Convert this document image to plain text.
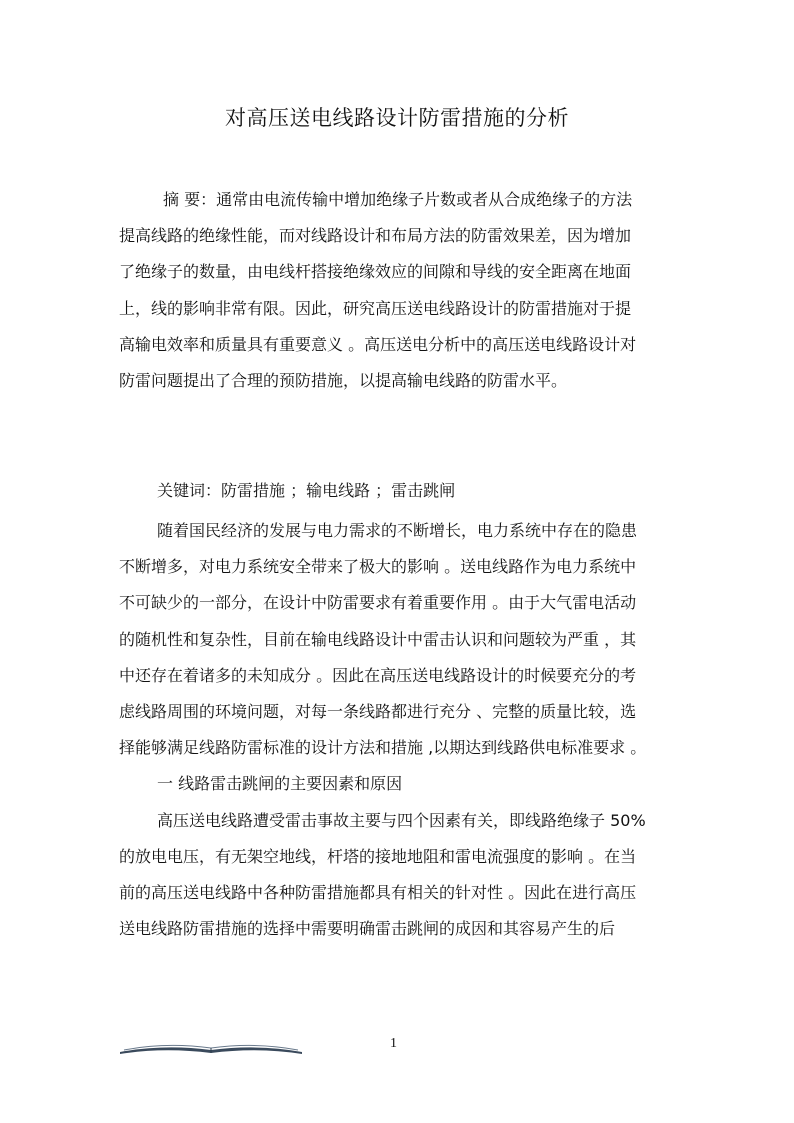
对高压送电线路设计防雷措施的分析
摘 要：通常由电流传输中增加绝缘子片数或者从合成绝缘子的方法
提高线路的绝缘性能，而对线路设计和布局方法的防雷效果差，因为增加
了绝缘子的数量，由电线杆搭接绝缘效应的间隙和导线的安全距离在地面
上，线的影响非常有限。因此，研究高压送电线路设计的防雷措施对于提
高输电效率和质量具有重要意义 。高压送电分析中的高压送电线路设计对
防雷问题提出了合理的预防措施，以提高输电线路的防雷水平。
关键词：防雷措施 ；输电线路 ；雷击跳闸
随着国民经济的发展与电力需求的不断增长，电力系统中存在的隐患
不断增多，对电力系统安全带来了极大的影响 。送电线路作为电力系统中
不可缺少的一部分，在设计中防雷要求有着重要作用 。由于大气雷电活动
的随机性和复杂性，目前在输电线路设计中雷击认识和问题较为严重 ，其
中还存在着诸多的未知成分 。因此在高压送电线路设计的时候要充分的考
虑线路周围的环境问题，对每一条线路都进行充分 、完整的质量比较，选
择能够满足线路防雷标准的设计方法和措施 ,以期达到线路供电标准要求 。
一 线路雷击跳闸的主要因素和原因
高压送电线路遭受雷击事故主要与四个因素有关，即线路绝缘子 50%
的放电电压，有无架空地线，杆塔的接地地阻和雷电流强度的影响 。在当
前的高压送电线路中各种防雷措施都具有相关的针对性 。因此在进行高压
送电线路防雷措施的选择中需要明确雷击跳闸的成因和其容易产生的后
1
